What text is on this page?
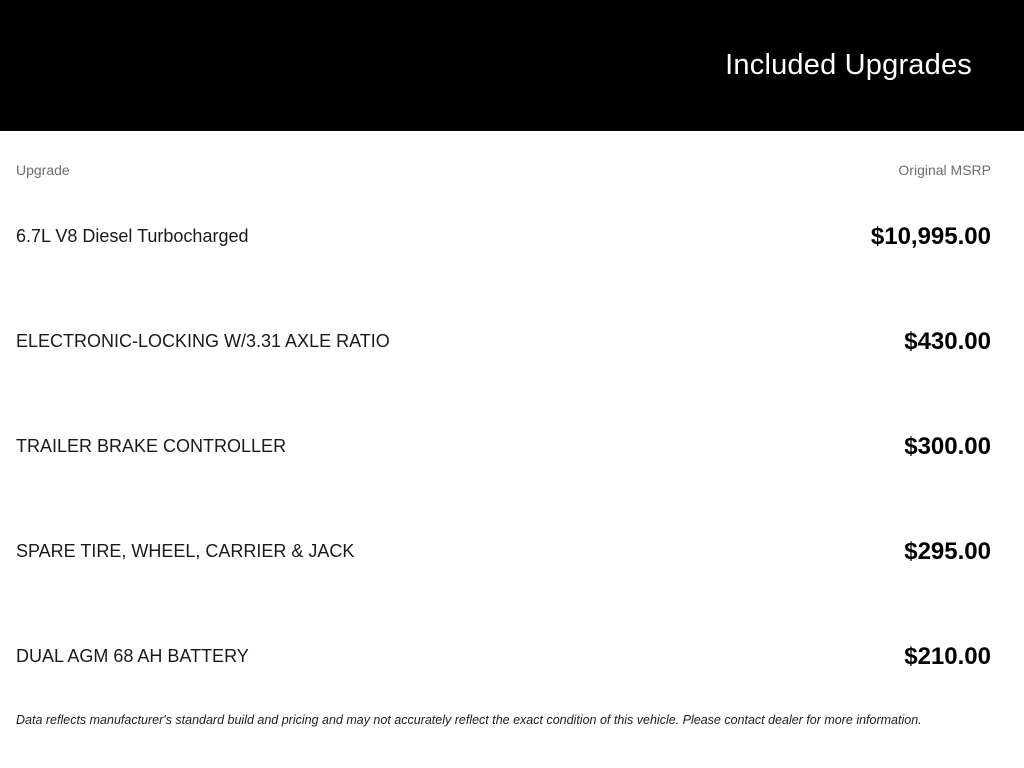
Included Upgrades
Upgrade	Original MSRP
6.7L V8 Diesel Turbocharged	$10,995.00
ELECTRONIC-LOCKING W/3.31 AXLE RATIO	$430.00
TRAILER BRAKE CONTROLLER	$300.00
SPARE TIRE, WHEEL, CARRIER & JACK	$295.00
DUAL AGM 68 AH BATTERY	$210.00
Data reflects manufacturer's standard build and pricing and may not accurately reflect the exact condition of this vehicle. Please contact dealer for more information.
